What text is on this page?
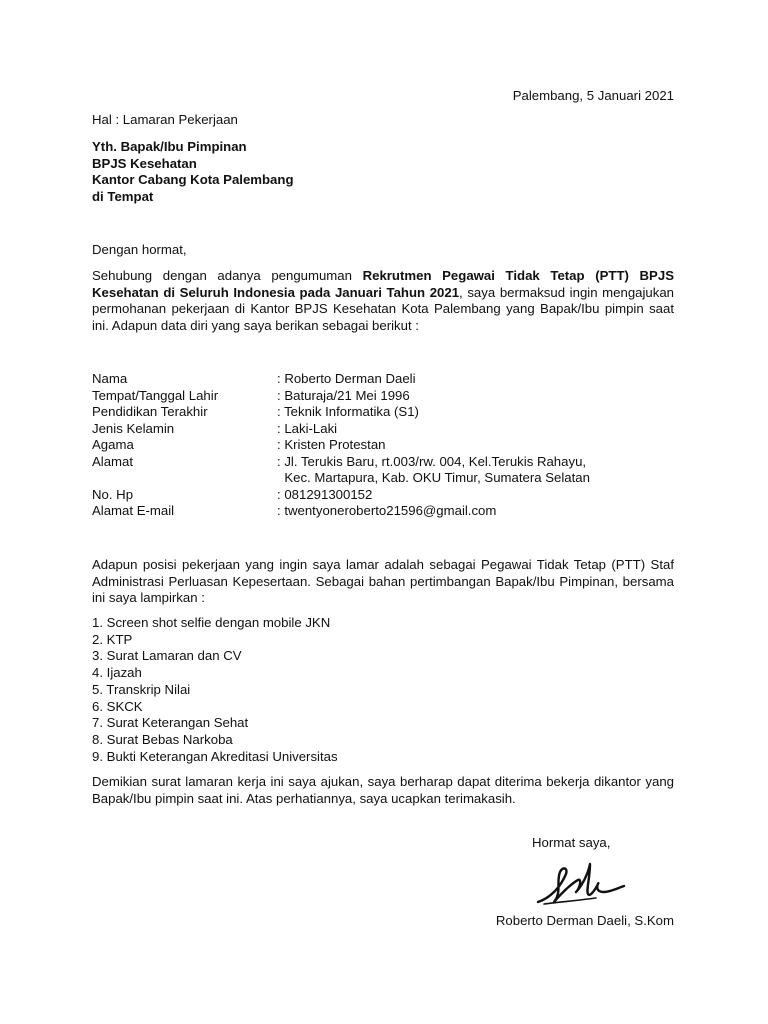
Palembang, 5 Januari 2021
Hal : Lamaran Pekerjaan
Yth. Bapak/Ibu Pimpinan
BPJS Kesehatan
Kantor Cabang Kota Palembang
di Tempat
Dengan hormat,

Sehubung dengan adanya pengumuman Rekrutmen Pegawai Tidak Tetap (PTT) BPJS Kesehatan di Seluruh Indonesia pada Januari Tahun 2021, saya bermaksud ingin mengajukan permohanan pekerjaan di Kantor BPJS Kesehatan Kota Palembang yang Bapak/Ibu pimpin saat ini. Adapun data diri yang saya berikan sebagai berikut :

Nama	: Roberto Derman Daeli
Tempat/Tanggal Lahir	: Baturaja/21 Mei 1996
Pendidikan Terakhir	: Teknik Informatika (S1)
Jenis Kelamin	: Laki-Laki
Agama	: Kristen Protestan
Alamat	: Jl. Terukis Baru, rt.003/rw. 004, Kel.Terukis Rahayu,
Kec. Martapura, Kab. OKU Timur, Sumatera Selatan
No. Hp	: 081291300152
Alamat E-mail	: twentyoneroberto21596@gmail.com

Adapun posisi pekerjaan yang ingin saya lamar adalah sebagai Pegawai Tidak Tetap (PTT) Staf Administrasi Perluasan Kepesertaan. Sebagai bahan pertimbangan Bapak/Ibu Pimpinan, bersama ini saya lampirkan :

1. Screen shot selfie dengan mobile JKN
2. KTP
3. Surat Lamaran dan CV
4. Ijazah
5. Transkrip Nilai
6. SKCK
7. Surat Keterangan Sehat
8. Surat Bebas Narkoba
9. Bukti Keterangan Akreditasi Universitas

Demikian surat lamaran kerja ini saya ajukan, saya berharap dapat diterima bekerja dikantor yang Bapak/Ibu pimpin saat ini. Atas perhatiannya, saya ucapkan terimakasih.

Hormat saya,
Roberto Derman Daeli, S.Kom
